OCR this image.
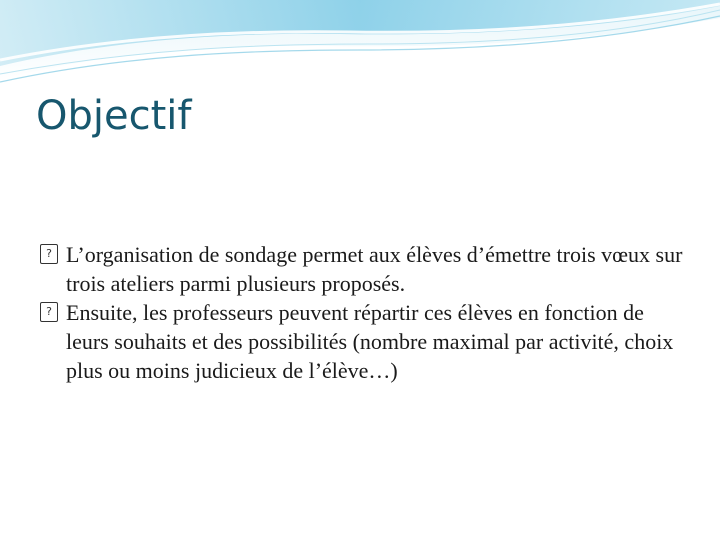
Objectif
? L’organisation de sondage permet aux élèves d’émettre trois vœux sur trois ateliers parmi plusieurs proposés.
? Ensuite, les professeurs peuvent répartir ces élèves en fonction de leurs souhaits et des possibilités (nombre maximal par activité, choix plus ou moins judicieux de l’élève…)
